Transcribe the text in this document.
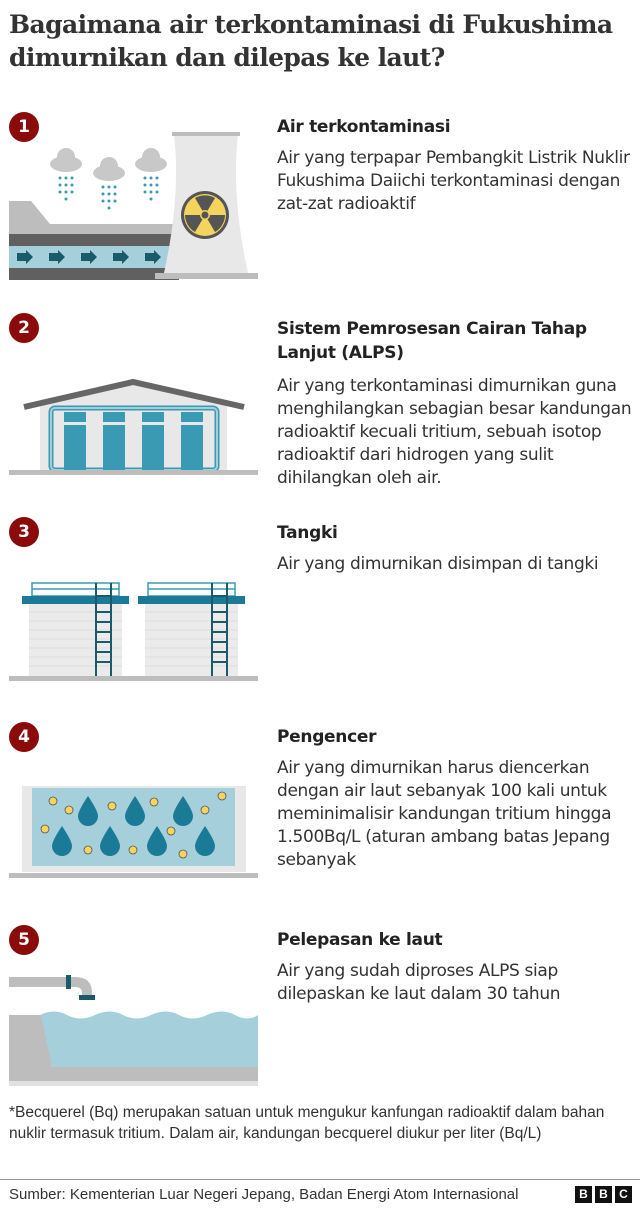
Bagaimana air terkontaminasi di Fukushima dimurnikan dan dilepas ke laut?
1	Air terkontaminasi
Air yang terpapar Pembangkit Listrik Nuklir Fukushima Daiichi terkontaminasi dengan zat-zat radioaktif
2	Sistem Pemrosesan Cairan Tahap Lanjut (ALPS)
Air yang terkontaminasi dimurnikan guna menghilangkan sebagian besar kandungan radioaktif kecuali tritium, sebuah isotop radioaktif dari hidrogen yang sulit dihilangkan oleh air.
3	Tangki
Air yang dimurnikan disimpan di tangki
4	Pengencer
Air yang dimurnikan harus diencerkan dengan air laut sebanyak 100 kali untuk meminimalisir kandungan tritium hingga 1.500Bq/L (aturan ambang batas Jepang sebanyak
5	Pelepasan ke laut
Air yang sudah diproses ALPS siap dilepaskan ke laut dalam 30 tahun

*Becquerel (Bq) merupakan satuan untuk mengukur kanfungan radioaktif dalam bahan nuklir termasuk tritium. Dalam air, kandungan becquerel diukur per liter (Bq/L)

Sumber: Kementerian Luar Negeri Jepang, Badan Energi Atom Internasional	B B C
